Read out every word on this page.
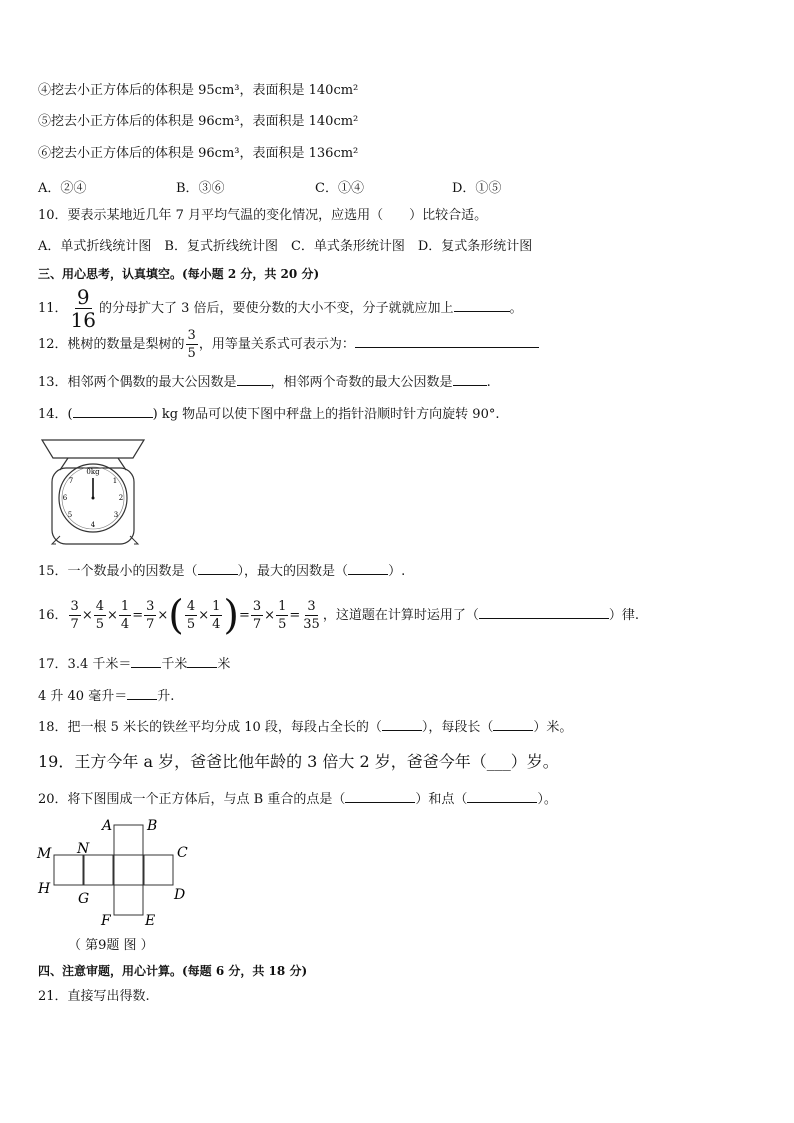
④挖去小正方体后的体积是 95cm³，表面积是 140cm²
⑤挖去小正方体后的体积是 96cm³，表面积是 140cm²
⑥挖去小正方体后的体积是 96cm³，表面积是 136cm²
A．②④	B．③⑥	C．①④	D．①⑤
10．要表示某地近几年 7 月平均气温的变化情况，应选用（　　）比较合适。
A．单式折线统计图　B．复式折线统计图　C．单式条形统计图　D．复式条形统计图
三、用心思考，认真填空。(每小题 2 分，共 20 分)
11． $\frac{9}{16}$ 的分母扩大了 3 倍后，要使分数的大小不变，分子就就应加上	。
12．桃树的数量是梨树的 $\frac{3}{5}$ ，用等量关系式可表示为：
13．相邻两个偶数的最大公因数是	，相邻两个奇数的最大公因数是	.
14．(	) kg 物品可以使下图中秤盘上的指针沿顺时针方向旋转 90°.
0kg
1
2
3
4
5
6
7
15．一个数最小的因数是（	），最大的因数是（	）.
16． $\frac{3}{7} \times \frac{4}{5} \times \frac{1}{4} = \frac{3}{7}$ ×( $\frac{4}{5} \times \frac{1}{4}$ )= $\frac{3}{7} \times \frac{1}{5} = \frac{3}{35}$ ，这道题在计算时运用了（	）律.
17．3.4 千米＝ 千米 米
4 升 40 毫升＝ 升.
18．把一根 5 米长的铁丝平均分成 10 段，每段占全长的（	），每段长（	）米。
19．王方今年 a 岁，爸爸比他年龄的 3 倍大 2 岁，爸爸今年（___）岁。
20．将下图围成一个正方体后，与点 B 重合的点是（	）和点（	）。
A B
C
D
E
F
G
H
M N
（ 第9题 图 ）
四、注意审题，用心计算。(每题 6 分，共 18 分)
21．直接写出得数.
